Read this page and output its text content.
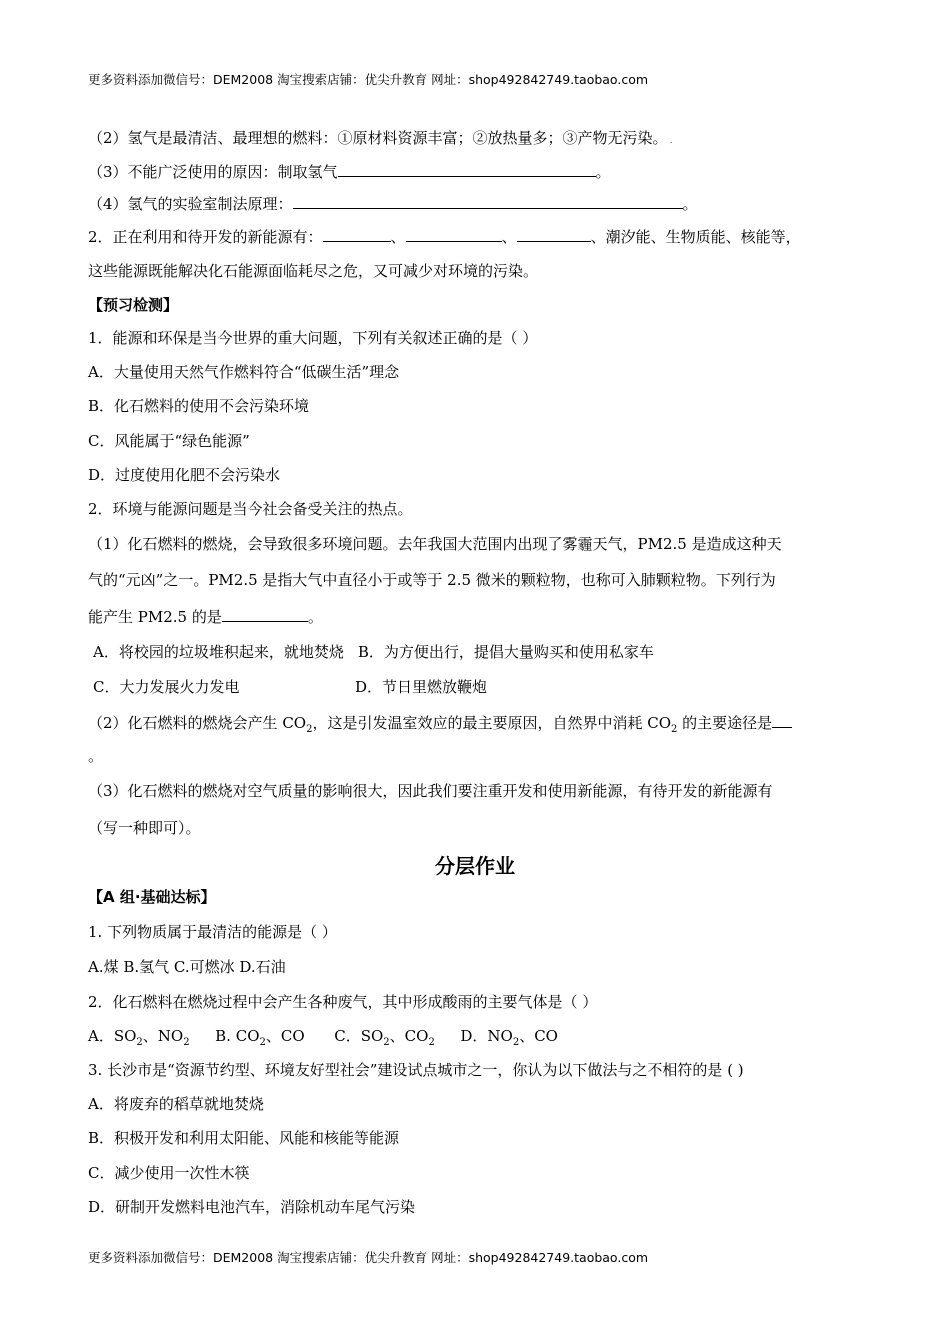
更多资料添加微信号：DEM2008 淘宝搜索店铺：优尖升教育 网址：shop492842749.taobao.com
（2）氢气是最清洁、最理想的燃料：①原材料资源丰富；②放热量多；③产物无污染。 .
（3）不能广泛使用的原因：制取氢气	。
（4）氢气的实验室制法原理：	。
2．正在利用和待开发的新能源有：	、	、	、潮汐能、生物质能、核能等，
这些能源既能解决化石能源面临耗尽之危，又可减少对环境的污染。
【预习检测】
1．能源和环保是当今世界的重大问题，下列有关叙述正确的是（ ）
A．大量使用天然气作燃料符合“低碳生活”理念
B．化石燃料的使用不会污染环境
C．风能属于“绿色能源”
D．过度使用化肥不会污染水
2．环境与能源问题是当今社会备受关注的热点。
（1）化石燃料的燃烧，会导致很多环境问题。去年我国大范围内出现了雾霾天气，PM2.5 是造成这种天
气的“元凶”之一。PM2.5 是指大气中直径小于或等于 2.5 微米的颗粒物，也称可入肺颗粒物。下列行为
能产生 PM2.5 的是	。
A．将校园的垃圾堆积起来，就地焚烧 B．为方便出行，提倡大量购买和使用私家车
C．大力发展火力发电	D．节日里燃放鞭炮
（2）化石燃料的燃烧会产生 $CO_2$，这是引发温室效应的最主要原因，自然界中消耗 $CO_2$ 的主要途径是
。
（3）化石燃料的燃烧对空气质量的影响很大，因此我们要注重开发和使用新能源，有待开发的新能源有
（写一种即可）。
分层作业
【A 组·基础达标】
1. 下列物质属于最清洁的能源是（ ）
A.煤 B.氢气 C.可燃冰 D.石油
2．化石燃料在燃烧过程中会产生各种废气，其中形成酸雨的主要气体是（ ）
A．$SO_2$、$NO_2$ B. $CO_2$、CO C．$SO_2$、$CO_2$ D．$NO_2$、CO
3. 长沙市是“资源节约型、环境友好型社会”建设试点城市之一，你认为以下做法与之不相符的是 ( )
A．将废弃的稻草就地焚烧
B．积极开发和利用太阳能、风能和核能等能源
C．减少使用一次性木筷
D．研制开发燃料电池汽车，消除机动车尾气污染
更多资料添加微信号：DEM2008 淘宝搜索店铺：优尖升教育 网址：shop492842749.taobao.com
